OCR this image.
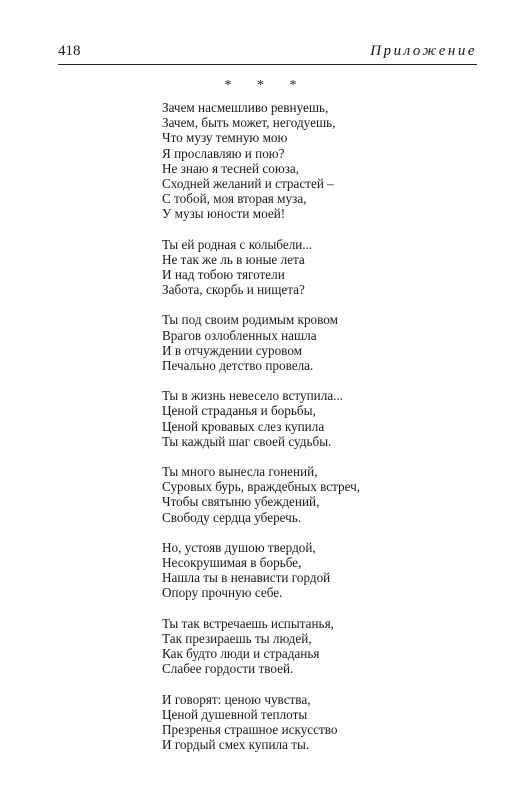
418	Приложение
* * *
Зачем насмешливо ревнуешь,
Зачем, быть может, негодуешь,
Что музу темную мою
Я прославляю и пою?
Не знаю я тесней союза,
Сходней желаний и страстей –
С тобой, моя вторая муза,
У музы юности моей!
Ты ей родная с колыбели...
Не так же ль в юные лета
И над тобою тяготели
Забота, скорбь и нищета?
Ты под своим родимым кровом
Врагов озлобленных нашла
И в отчуждении суровом
Печально детство провела.
Ты в жизнь невесело вступила...
Ценой страданья и борьбы,
Ценой кровавых слез купила
Ты каждый шаг своей судьбы.
Ты много вынесла гонений,
Суровых бурь, враждебных встреч,
Чтобы святыню убеждений,
Свободу сердца уберечь.
Но, устояв душою твердой,
Несокрушимая в борьбе,
Нашла ты в ненависти гордой
Опору прочную себе.
Ты так встречаешь испытанья,
Так презираешь ты людей,
Как будто люди и страданья
Слабее гордости твоей.
И говорят: ценою чувства,
Ценой душевной теплоты
Презренья страшное искусство
И гордый смех купила ты.
